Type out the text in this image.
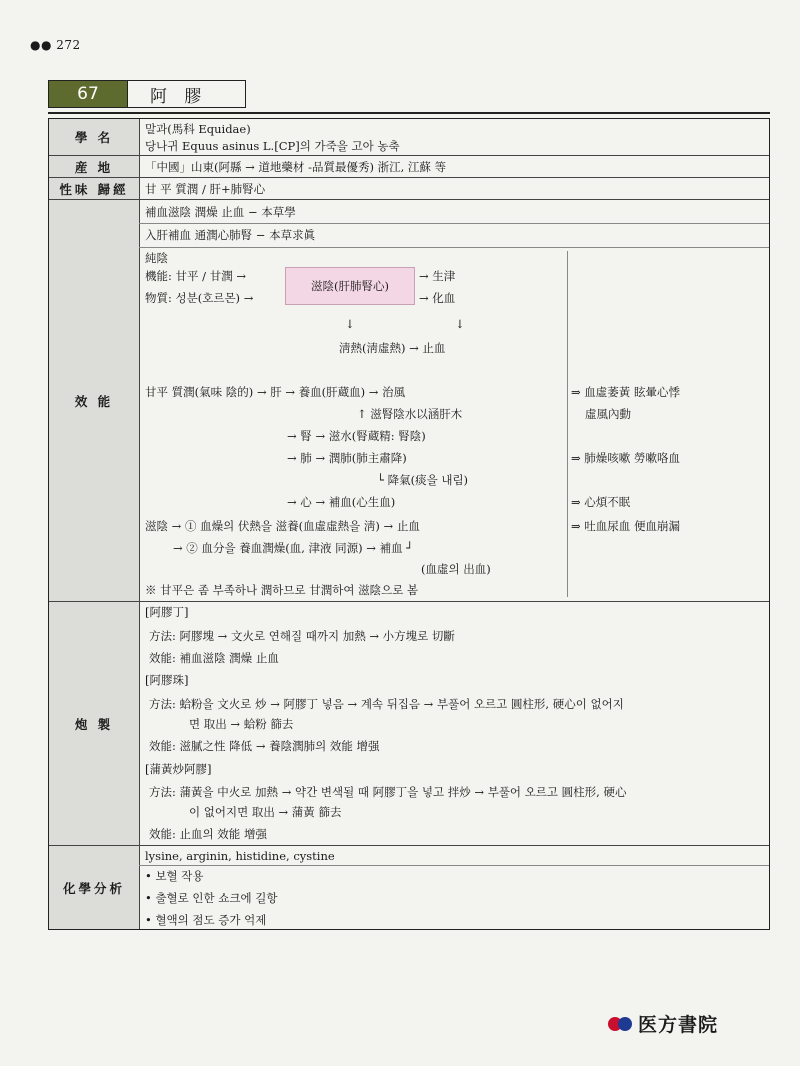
●● 272
67	阿 膠
學 名
産 地
性味 歸經
效 能
炮 製
化學分析
말과(馬科 Equidae)
당나귀 Equus asinus L.[CP]의 가죽을 고아 농축
「中國」山東(阿縣 → 道地藥材 -品質最優秀) 浙江, 江蘇 等
甘 平 質潤 / 肝+肺腎心
補血滋陰 潤燥 止血 − 本草學
入肝補血 通潤心肺腎 − 本草求眞
純陰
機能: 甘平 / 甘潤 →
物質: 성분(호르몬) →
滋陰(肝肺腎心)
→ 生津
→ 化血
↓	↓
淸熱(淸虛熱) → 止血
甘平 質潤(氣味 陰的) → 肝 → 養血(肝蔵血) → 治風
↑ 滋腎陰水以涵肝木
→ 腎 → 滋水(腎蔵精: 腎陰)
→ 肺 → 潤肺(肺主肅降)
└ 降氣(痰을 내림)
→ 心 → 補血(心生血)
滋陰 → ① 血燥의 伏熱을 滋養(血虛虛熱을 淸) → 止血
→ ② 血分을 養血潤燥(血, 津液 同源) → 補血 ┘
(血虛의 出血)
※ 甘平은 좀 부족하나 潤하므로 甘潤하여 滋陰으로 봄
⇒ 血虛萎黃 眩暈心悸
虛風內動
⇒ 肺燥咳嗽 勞嗽咯血
⇒ 心煩不眠
⇒ 吐血尿血 便血崩漏
[阿膠丁]
方法: 阿膠塊 → 文火로 연해질 때까지 加熱 → 小方塊로 切斷
效能: 補血滋陰 潤燥 止血
[阿膠珠]
方法: 蛤粉을 文火로 炒 → 阿膠丁 넣음 → 계속 뒤집음 → 부풀어 오르고 圓柱形, 硬心이 없어지
면 取出 → 蛤粉 篩去
效能: 滋膩之性 降低 → 養陰潤肺의 效能 增强
[蒲黃炒阿膠]
方法: 蒲黃을 中火로 加熱 → 약간 변색될 때 阿膠丁을 넣고 拌炒 → 부풀어 오르고 圓柱形, 硬心
이 없어지면 取出 → 蒲黃 篩去
效能: 止血의 效能 增强
lysine, arginin, histidine, cystine
• 보혈 작용
• 출혈로 인한 쇼크에 길항
• 혈액의 점도 증가 억제
医方書院
